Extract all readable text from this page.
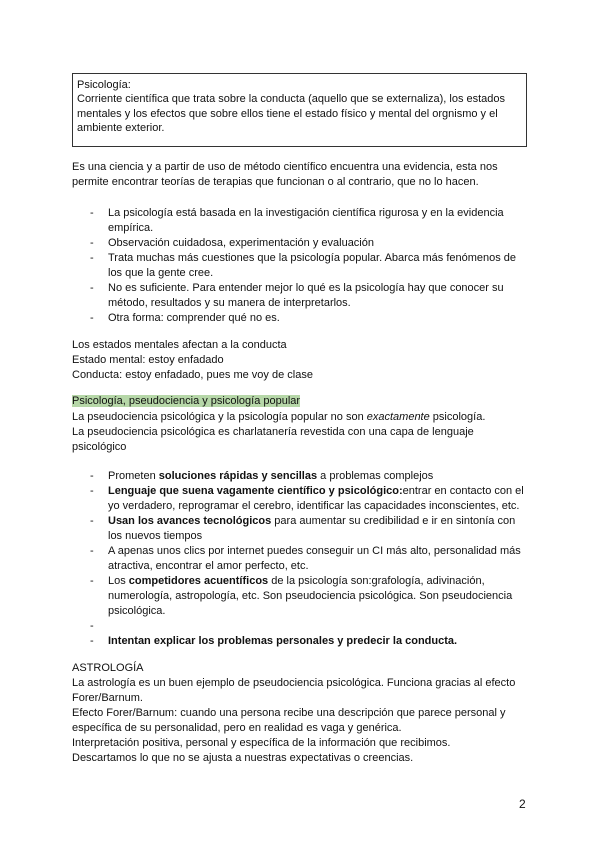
Psicología:
Corriente científica que trata sobre la conducta (aquello que se externaliza), los estados mentales y los efectos que sobre ellos tiene el estado físico y mental del orgnismo y el ambiente exterior.
Es una ciencia y a partir de uso de método científico encuentra una evidencia, esta nos permite encontrar teorías de terapias que funcionan o al contrario, que no lo hacen.
- La psicología está basada en la investigación científica rigurosa y en la evidencia empírica.
- Observación cuidadosa, experimentación y evaluación
- Trata muchas más cuestiones que la psicología popular. Abarca más fenómenos de los que la gente cree.
- No es suficiente. Para entender mejor lo qué es la psicología hay que conocer su método, resultados y su manera de interpretarlos.
- Otra forma: comprender qué no es.
Los estados mentales afectan a la conducta
Estado mental: estoy enfadado
Conducta: estoy enfadado, pues me voy de clase
Psicología, pseudociencia y psicología popular
La pseudociencia psicológica y la psicología popular no son exactamente psicología.
La pseudociencia psicológica es charlatanería revestida con una capa de lenguaje psicológico
- Prometen soluciones rápidas y sencillas a problemas complejos
- Lenguaje que suena vagamente científico y psicológico:entrar en contacto con el yo verdadero, reprogramar el cerebro, identificar las capacidades inconscientes, etc.
- Usan los avances tecnológicos para aumentar su credibilidad e ir en sintonía con los nuevos tiempos
- A apenas unos clics por internet puedes conseguir un CI más alto, personalidad más atractiva, encontrar el amor perfecto, etc.
- Los competidores acuentíficos de la psicología son:grafología, adivinación, numerología, astropología, etc. Son pseudociencia psicológica. Son pseudociencia psicológica.
-
- Intentan explicar los problemas personales y predecir la conducta.
ASTROLOGÍA
La astrología es un buen ejemplo de pseudociencia psicológica. Funciona gracias al efecto Forer/Barnum.
Efecto Forer/Barnum: cuando una persona recibe una descripción que parece personal y específica de su personalidad, pero en realidad es vaga y genérica.
Interpretación positiva, personal y específica de la información que recibimos.
Descartamos lo que no se ajusta a nuestras expectativas o creencias.
2
